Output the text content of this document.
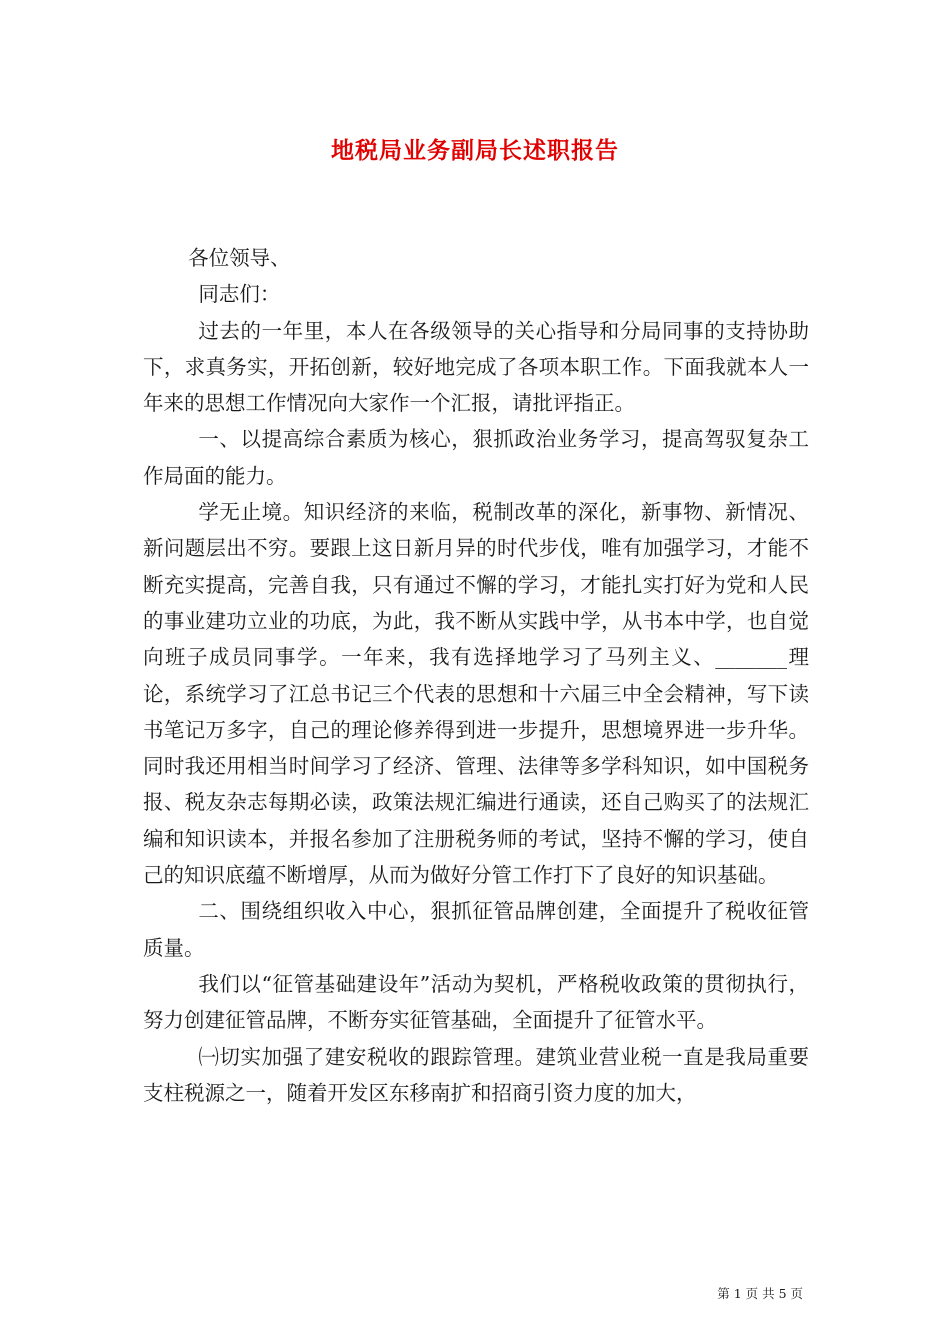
地税局业务副局长述职报告

各位领导、

同志们：

过去的一年里，本人在各级领导的关心指导和分局同事的支持协助下，求真务实，开拓创新，较好地完成了各项本职工作。下面我就本人一年来的思想工作情况向大家作一个汇报，请批评指正。

一、以提高综合素质为核心，狠抓政治业务学习，提高驾驭复杂工作局面的能力。

学无止境。知识经济的来临，税制改革的深化，新事物、新情况、新问题层出不穷。要跟上这日新月异的时代步伐，唯有加强学习，才能不断充实提高，完善自我，只有通过不懈的学习，才能扎实打好为党和人民的事业建功立业的功底，为此，我不断从实践中学，从书本中学，也自觉向班子成员同事学。一年来，我有选择地学习了马列主义、_______理论，系统学习了江总书记三个代表的思想和十六届三中全会精神，写下读书笔记万多字，自己的理论修养得到进一步提升，思想境界进一步升华。同时我还用相当时间学习了经济、管理、法律等多学科知识，如中国税务报、税友杂志每期必读，政策法规汇编进行通读，还自己购买了的法规汇编和知识读本，并报名参加了注册税务师的考试，坚持不懈的学习，使自己的知识底蕴不断增厚，从而为做好分管工作打下了良好的知识基础。

二、围绕组织收入中心，狠抓征管品牌创建，全面提升了税收征管质量。

我们以“征管基础建设年”活动为契机，严格税收政策的贯彻执行，努力创建征管品牌，不断夯实征管基础，全面提升了征管水平。

㈠切实加强了建安税收的跟踪管理。建筑业营业税一直是我局重要支柱税源之一，随着开发区东移南扩和招商引资力度的加大，

第 1 页 共 5 页
